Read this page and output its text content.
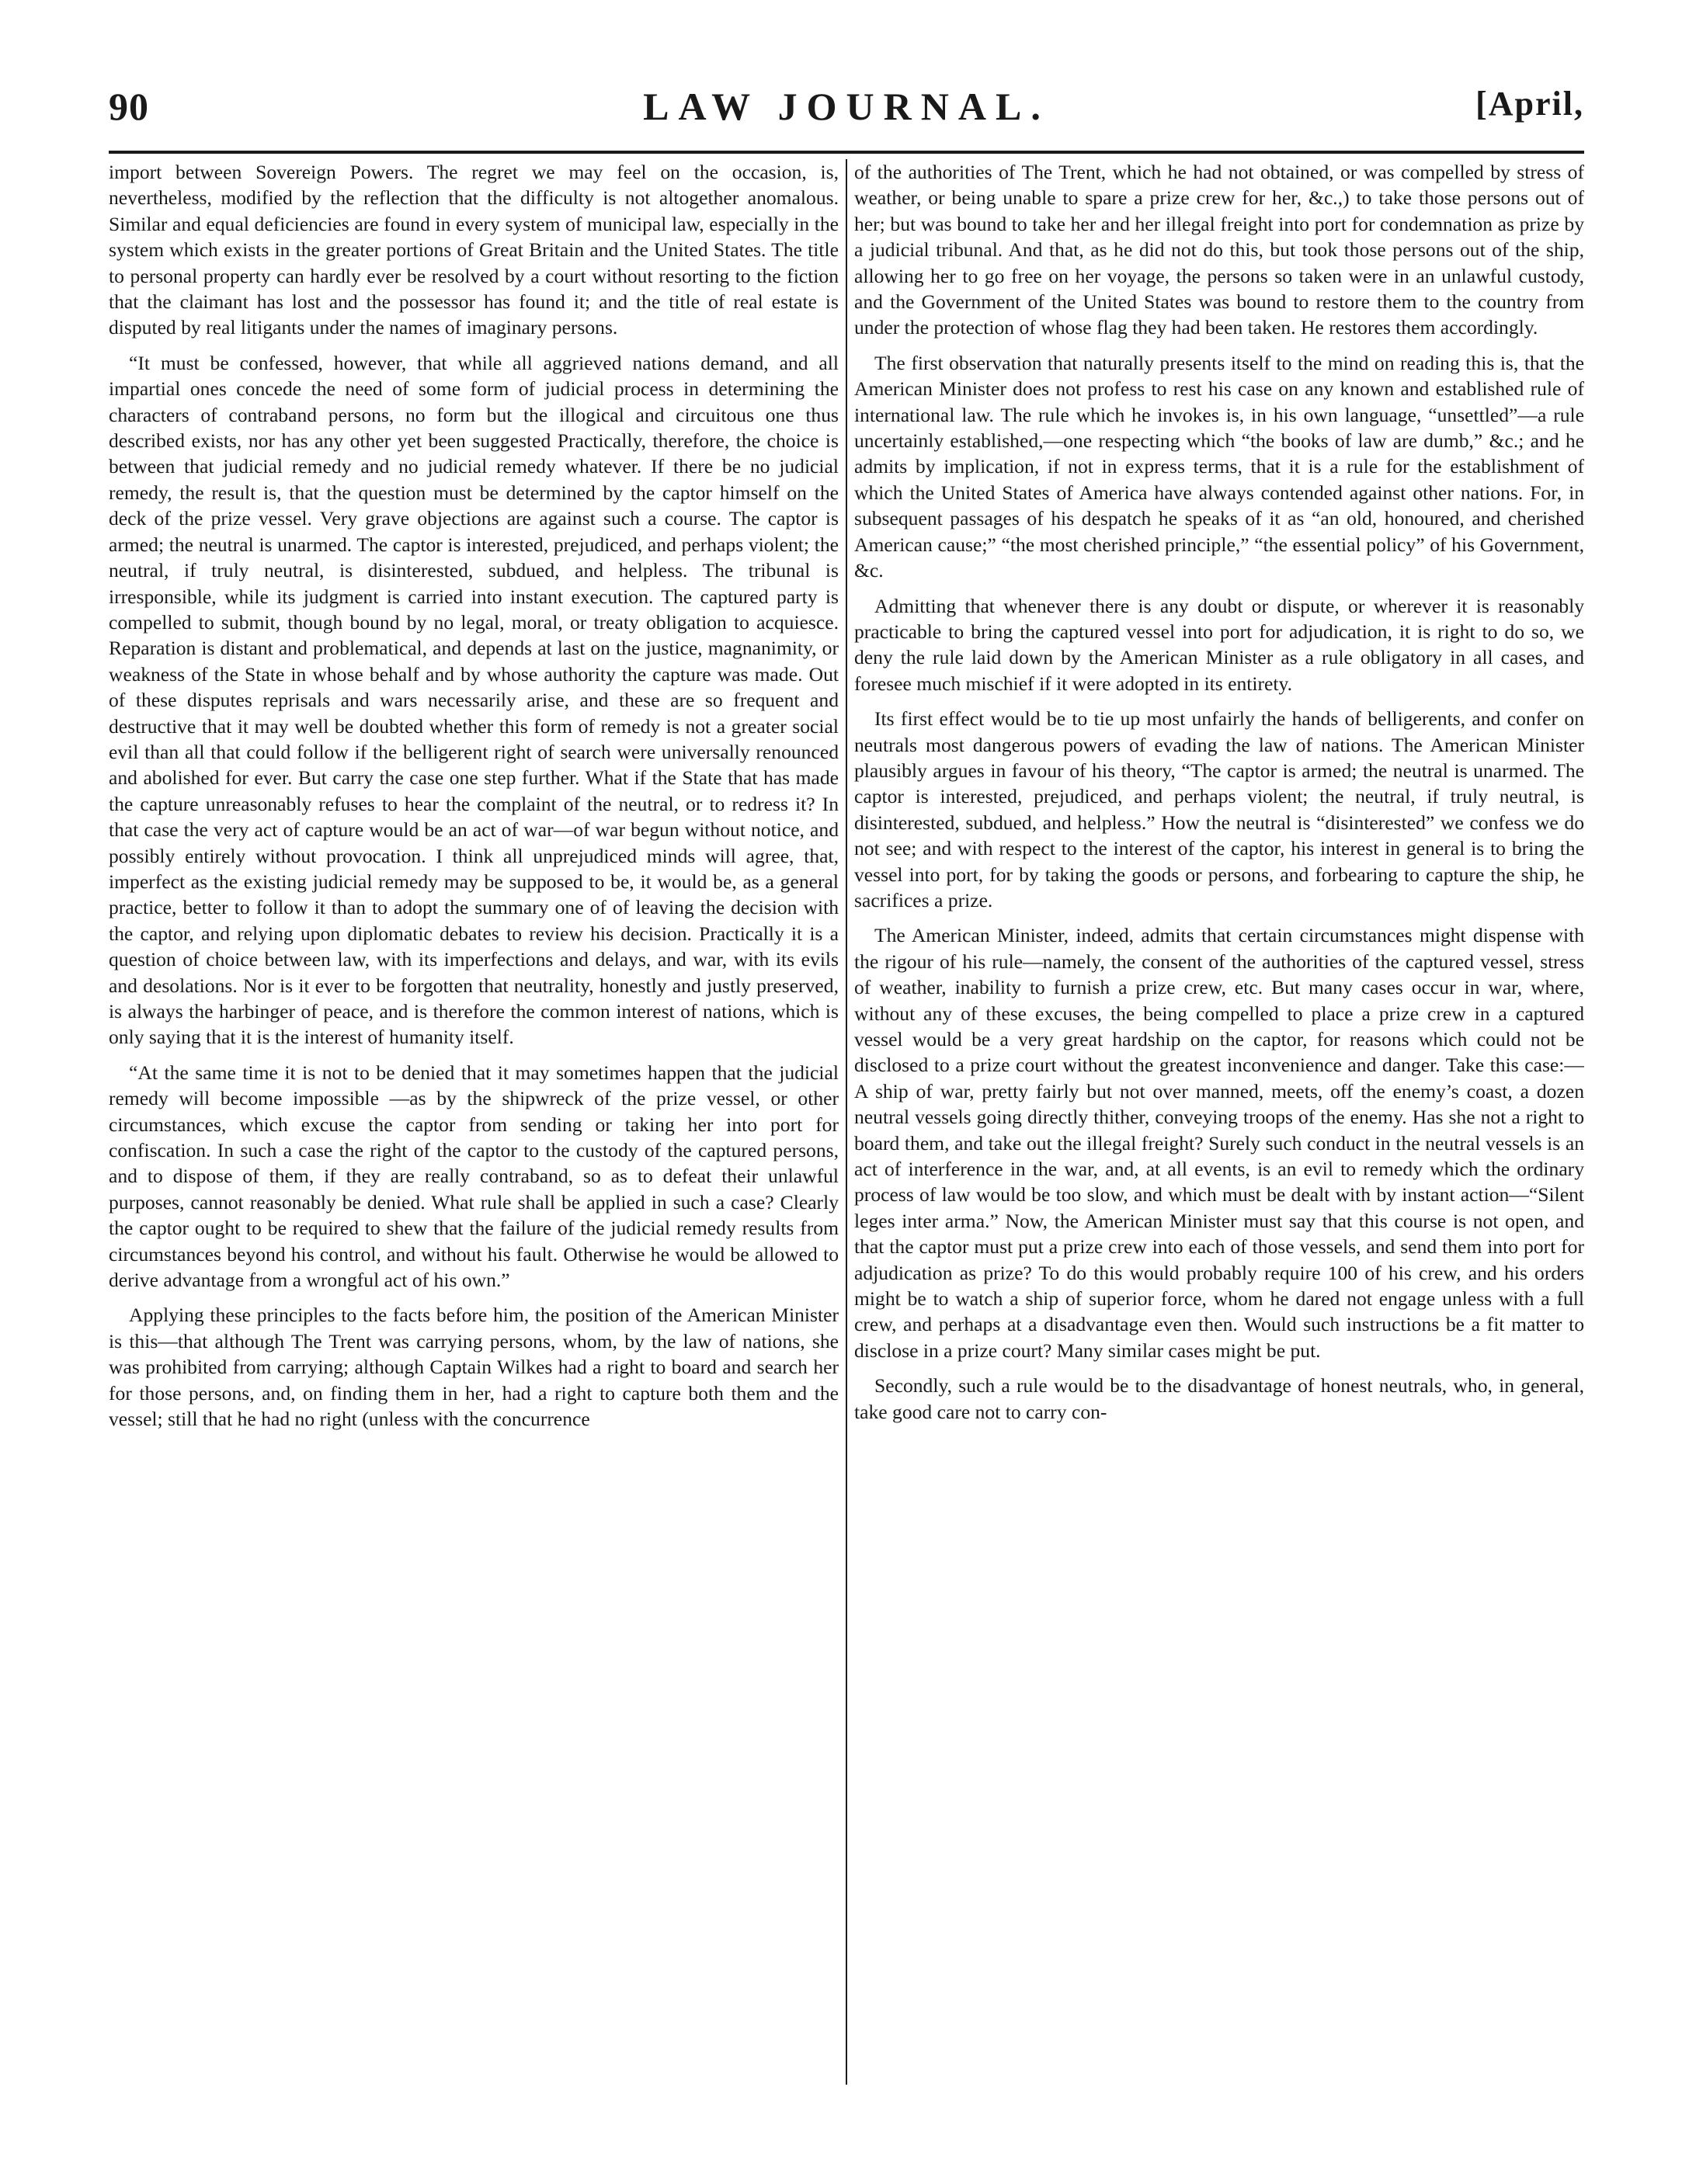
90	LAW JOURNAL.	[April,

import between Sovereign Powers. The regret we may feel on the occasion, is, nevertheless, modified by the reflection that the difficulty is not altogether anomalous. Similar and equal deficiencies are found in every system of municipal law, especially in the system which exists in the greater portions of Great Britain and the United States. The title to personal property can hardly ever be resolved by a court without resorting to the fiction that the claimant has lost and the possessor has found it; and the title of real estate is disputed by real litigants under the names of imaginary persons.

“It must be confessed, however, that while all aggrieved nations demand, and all impartial ones concede the need of some form of judicial process in determining the characters of contraband persons, no form but the illogical and circuitous one thus described exists, nor has any other yet been suggested Practically, therefore, the choice is between that judicial remedy and no judicial remedy whatever. If there be no judicial remedy, the result is, that the question must be determined by the captor himself on the deck of the prize vessel. Very grave objections are against such a course. The captor is armed; the neutral is unarmed. The captor is interested, prejudiced, and perhaps violent; the neutral, if truly neutral, is disinterested, subdued, and helpless. The tribunal is irresponsible, while its judgment is carried into instant execution. The captured party is compelled to submit, though bound by no legal, moral, or treaty obligation to acquiesce. Reparation is distant and problematical, and depends at last on the justice, magnanimity, or weakness of the State in whose behalf and by whose authority the capture was made. Out of these disputes reprisals and wars necessarily arise, and these are so frequent and destructive that it may well be doubted whether this form of remedy is not a greater social evil than all that could follow if the belligerent right of search were universally renounced and abolished for ever. But carry the case one step further. What if the State that has made the capture unreasonably refuses to hear the complaint of the neutral, or to redress it? In that case the very act of capture would be an act of war—of war begun without notice, and possibly entirely without provocation. I think all unprejudiced minds will agree, that, imperfect as the existing judicial remedy may be supposed to be, it would be, as a general practice, better to follow it than to adopt the summary one of of leaving the decision with the captor, and relying upon diplomatic debates to review his decision. Practically it is a question of choice between law, with its imperfections and delays, and war, with its evils and desolations. Nor is it ever to be forgotten that neutrality, honestly and justly preserved, is always the harbinger of peace, and is therefore the common interest of nations, which is only saying that it is the interest of humanity itself.

“At the same time it is not to be denied that it may sometimes happen that the judicial remedy will become impossible —as by the shipwreck of the prize vessel, or other circumstances, which excuse the captor from sending or taking her into port for confiscation. In such a case the right of the captor to the custody of the captured persons, and to dispose of them, if they are really contraband, so as to defeat their unlawful purposes, cannot reasonably be denied. What rule shall be applied in such a case? Clearly the captor ought to be required to shew that the failure of the judicial remedy results from circumstances beyond his control, and without his fault. Otherwise he would be allowed to derive advantage from a wrongful act of his own.”

Applying these principles to the facts before him, the position of the American Minister is this—that although The Trent was carrying persons, whom, by the law of nations, she was prohibited from carrying; although Captain Wilkes had a right to board and search her for those persons, and, on finding them in her, had a right to capture both them and the vessel; still that he had no right (unless with the concurrence

of the authorities of The Trent, which he had not obtained, or was compelled by stress of weather, or being unable to spare a prize crew for her, &c.,) to take those persons out of her; but was bound to take her and her illegal freight into port for condemnation as prize by a judicial tribunal. And that, as he did not do this, but took those persons out of the ship, allowing her to go free on her voyage, the persons so taken were in an unlawful custody, and the Government of the United States was bound to restore them to the country from under the protection of whose flag they had been taken. He restores them accordingly.

The first observation that naturally presents itself to the mind on reading this is, that the American Minister does not profess to rest his case on any known and established rule of international law. The rule which he invokes is, in his own language, “unsettled”—a rule uncertainly established,—one respecting which “the books of law are dumb,” &c.; and he admits by implication, if not in express terms, that it is a rule for the establishment of which the United States of America have always contended against other nations. For, in subsequent passages of his despatch he speaks of it as “an old, honoured, and cherished American cause;” “the most cherished principle,” “the essential policy” of his Government, &c.

Admitting that whenever there is any doubt or dispute, or wherever it is reasonably practicable to bring the captured vessel into port for adjudication, it is right to do so, we deny the rule laid down by the American Minister as a rule obligatory in all cases, and foresee much mischief if it were adopted in its entirety.

Its first effect would be to tie up most unfairly the hands of belligerents, and confer on neutrals most dangerous powers of evading the law of nations. The American Minister plausibly argues in favour of his theory, “The captor is armed; the neutral is unarmed. The captor is interested, prejudiced, and perhaps violent; the neutral, if truly neutral, is disinterested, subdued, and helpless.” How the neutral is “disinterested” we confess we do not see; and with respect to the interest of the captor, his interest in general is to bring the vessel into port, for by taking the goods or persons, and forbearing to capture the ship, he sacrifices a prize.

The American Minister, indeed, admits that certain circumstances might dispense with the rigour of his rule—namely, the consent of the authorities of the captured vessel, stress of weather, inability to furnish a prize crew, etc. But many cases occur in war, where, without any of these excuses, the being compelled to place a prize crew in a captured vessel would be a very great hardship on the captor, for reasons which could not be disclosed to a prize court without the greatest inconvenience and danger. Take this case:—A ship of war, pretty fairly but not over manned, meets, off the enemy’s coast, a dozen neutral vessels going directly thither, conveying troops of the enemy. Has she not a right to board them, and take out the illegal freight? Surely such conduct in the neutral vessels is an act of interference in the war, and, at all events, is an evil to remedy which the ordinary process of law would be too slow, and which must be dealt with by instant action—“Silent leges inter arma.” Now, the American Minister must say that this course is not open, and that the captor must put a prize crew into each of those vessels, and send them into port for adjudication as prize? To do this would probably require 100 of his crew, and his orders might be to watch a ship of superior force, whom he dared not engage unless with a full crew, and perhaps at a disadvantage even then. Would such instructions be a fit matter to disclose in a prize court? Many similar cases might be put.

Secondly, such a rule would be to the disadvantage of honest neutrals, who, in general, take good care not to carry con-
